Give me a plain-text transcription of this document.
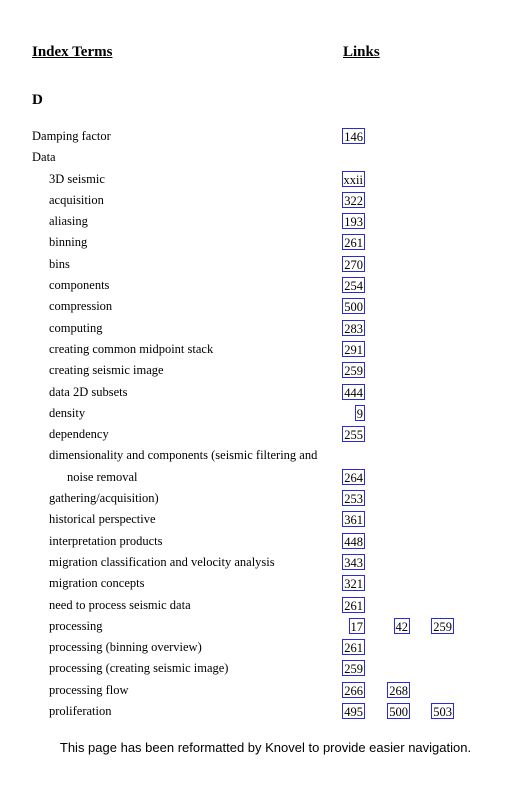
Index Terms	Links
D
Damping factor	146
Data
3D seismic	xxii
acquisition	322
aliasing	193
binning	261
bins	270
components	254
compression	500
computing	283
creating common midpoint stack	291
creating seismic image	259
data 2D subsets	444
density	9
dependency	255
dimensionality and components (seismic filtering and
noise removal	264
gathering/acquisition)	253
historical perspective	361
interpretation products	448
migration classification and velocity analysis	343
migration concepts	321
need to process seismic data	261
processing	17	42 259
processing (binning overview)	261
processing (creating seismic image)	259
processing flow	266 268
proliferation	495 500 503
This page has been reformatted by Knovel to provide easier navigation.
